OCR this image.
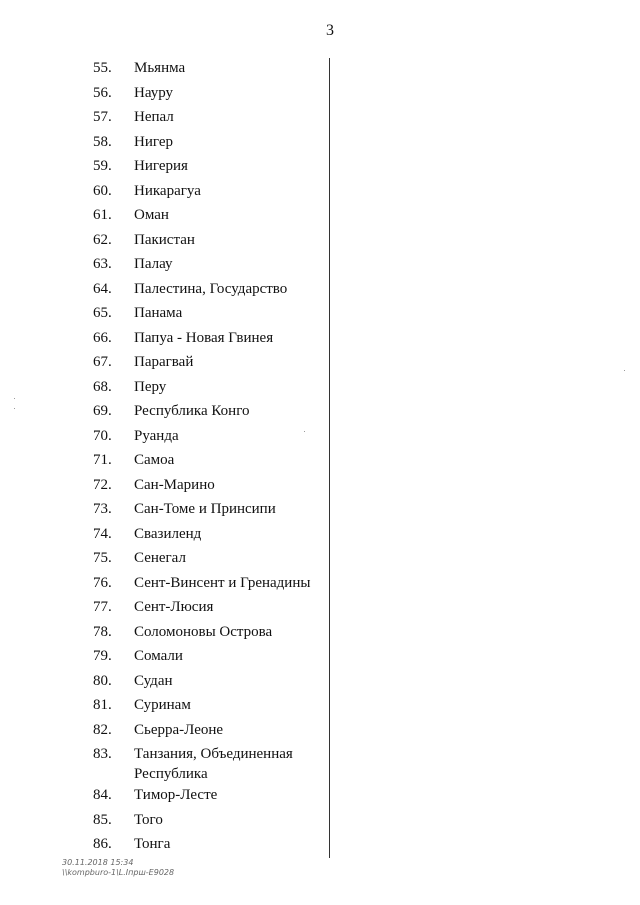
3
55.	Мьянма
56.	Науру
57.	Непал
58.	Нигер
59.	Нигерия
60.	Никарагуа
61.	Оман
62.	Пакистан
63.	Палау
64.	Палестина, Государство
65.	Панама
66.	Папуа - Новая Гвинея
67.	Парагвай
68.	Перу
69.	Республика Конго
70.	Руанда
71.	Самоа
72.	Сан-Марино
73.	Сан-Томе и Принсипи
74.	Свазиленд
75.	Сенегал
76.	Сент-Винсент и Гренадины
77.	Сент-Люсия
78.	Соломоновы Острова
79.	Сомали
80.	Судан
81.	Суринам
82.	Сьерра-Леоне
83.	Танзания, Объединенная Республика
84.	Тимор-Лесте
85.	Того
86.	Тонга
30.11.2018 15:34
\\kompburo-1\L.Iпрш-E9028
